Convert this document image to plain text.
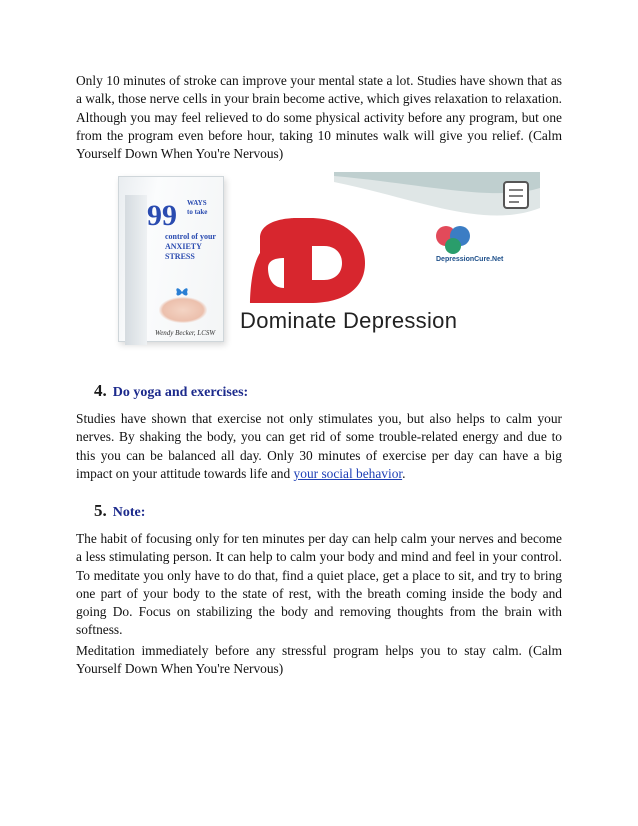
Only 10 minutes of stroke can improve your mental state a lot. Studies have shown that as a walk, those nerve cells in your brain become active, which gives relaxation to relaxation. Although you may feel relieved to do some physical activity before any program, but one from the program even before hour, taking 10 minutes walk will give you relief. (Calm Yourself Down When You're Nervous)

99 WAYS
to take
control of your
ANXIETY
STRESS
Wendy Becker, LCSW Dominate Depression
DepressionCure.Net
4. Do yoga and exercises:

Studies have shown that exercise not only stimulates you, but also helps to calm your nerves. By shaking the body, you can get rid of some trouble-related energy and due to this you can be balanced all day. Only 30 minutes of exercise per day can have a big impact on your attitude towards life and your social behavior.

5. Note:

The habit of focusing only for ten minutes per day can help calm your nerves and become a less stimulating person. It can help to calm your body and mind and feel in your control. To meditate you only have to do that, find a quiet place, get a place to sit, and try to bring one part of your body to the state of rest, with the breath coming inside the body and going Do. Focus on stabilizing the body and removing thoughts from the brain with softness.

Meditation immediately before any stressful program helps you to stay calm. (Calm Yourself Down When You're Nervous)
